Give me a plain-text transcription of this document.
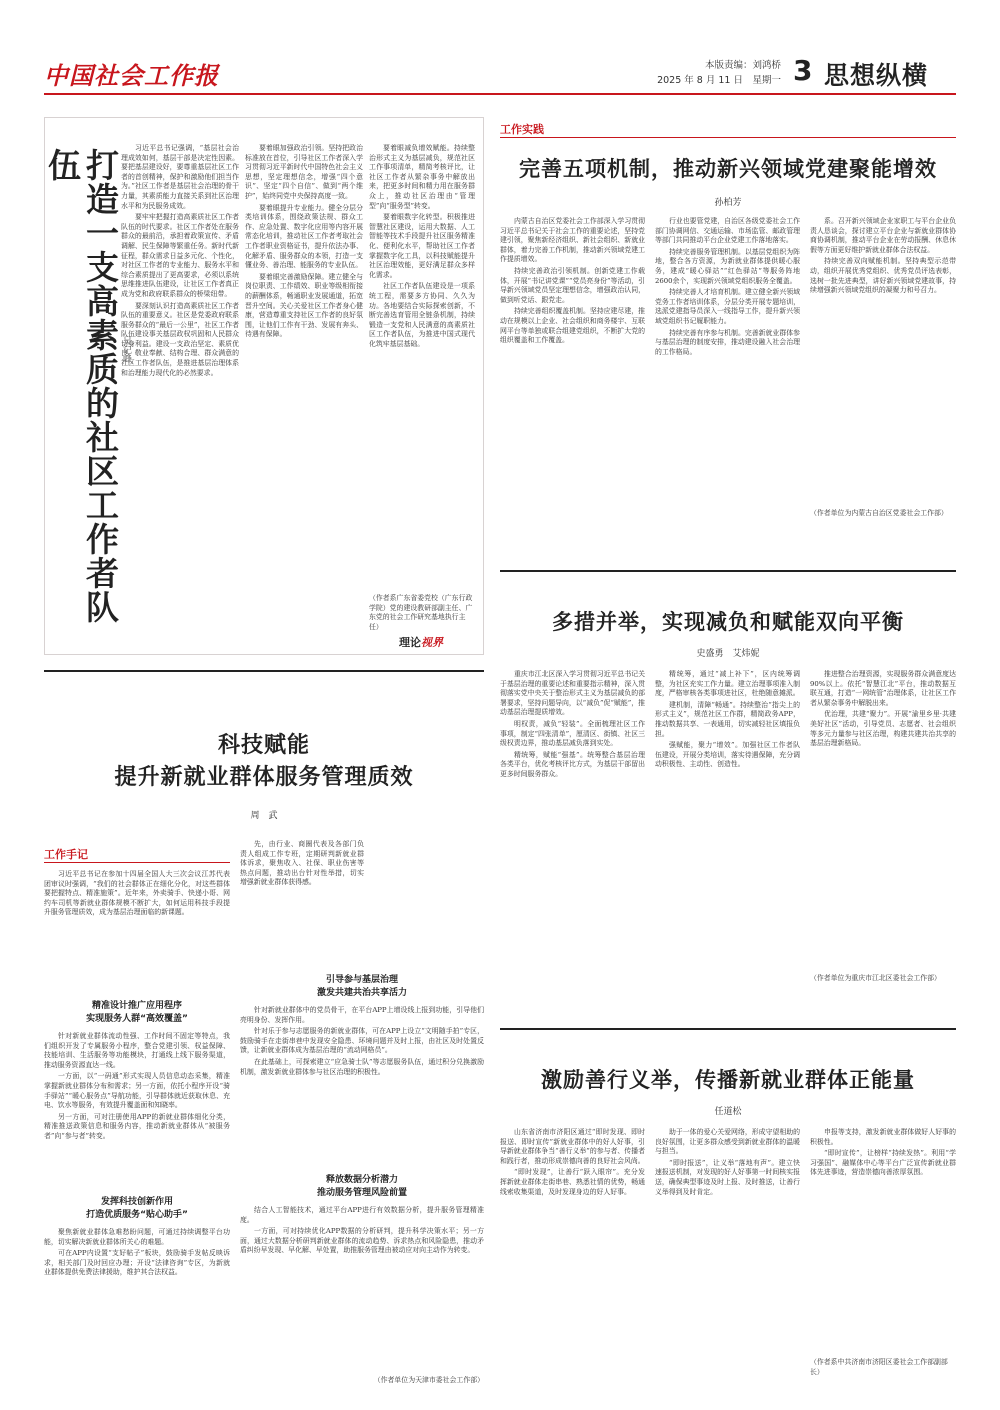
中国社会工作报	本版责编：刘鸿桥
2025 年 8 月 11 日　星期一 3 思想纵横
打造一支高素质的社区工作者队伍
吴记峰

习近平总书记强调，“基层社会治理成效如何，基层干部是决定性因素。要把基层建设好，要尊重基层社区工作者的首创精神，保护和激励他们担当作为。”社区工作者是基层社会治理的骨干力量，其素质能力直接关系到社区治理水平和为民服务成效。

要牢牢把握打造高素质社区工作者队伍的时代要求。社区工作者处在服务群众的最前沿，承担着政策宣传、矛盾调解、民生保障等繁重任务。新时代新征程，群众需求日益多元化、个性化，对社区工作者的专业能力、服务水平和综合素质提出了更高要求，必须以系统思维推进队伍建设，让社区工作者真正成为党和政府联系群众的桥梁纽带。

要深刻认识打造高素质社区工作者队伍的重要意义。社区是党委政府联系服务群众的“最后一公里”，社区工作者队伍建设事关基层政权巩固和人民群众切身利益。建设一支政治坚定、素质优良、敬业奉献、结构合理、群众满意的社区工作者队伍，是推进基层治理体系和治理能力现代化的必然要求。

要着眼加强政治引领。坚持把政治标准放在首位，引导社区工作者深入学习贯彻习近平新时代中国特色社会主义思想，坚定理想信念，增强“四个意识”、坚定“四个自信”、做到“两个维护”，始终同党中央保持高度一致。

要着眼提升专业能力。健全分层分类培训体系，围绕政策法规、群众工作、应急处置、数字化应用等内容开展常态化培训，推动社区工作者考取社会工作者职业资格证书，提升依法办事、化解矛盾、服务群众的本领，打造一支懂业务、善治理、能服务的专业队伍。

要着眼完善激励保障。建立健全与岗位职责、工作绩效、职业等级相衔接的薪酬体系，畅通职业发展通道，拓宽晋升空间。关心关爱社区工作者身心健康，营造尊重支持社区工作者的良好氛围，让他们工作有干劲、发展有奔头、待遇有保障。

要着眼减负增效赋能。持续整治形式主义为基层减负，规范社区工作事项清单，精简考核评比，让社区工作者从繁杂事务中解放出来，把更多时间和精力用在服务群众上，推动社区治理由“管理型”向“服务型”转变。

要着眼数字化转型。积极推进智慧社区建设，运用大数据、人工智能等技术手段提升社区服务精准化、便利化水平，帮助社区工作者掌握数字化工具，以科技赋能提升社区治理效能，更好满足群众多样化需求。

社区工作者队伍建设是一项系统工程，需要多方协同、久久为功。各地要结合实际探索创新，不断完善选育管用全链条机制，持续锻造一支党和人民满意的高素质社区工作者队伍，为推进中国式现代化筑牢基层基础。

（作者系广东省委党校（广东行政学院）党的建设教研部副主任、广东党的社会工作研究基地执行主任）
理论视界
科技赋能
提升新就业群体服务管理质效
周　武
工作手记
习近平总书记在参加十四届全国人大三次会议江苏代表团审议时强调，“我们的社会群体正在细化分化，对这些群体要把握特点、精准施策”。近年来，外卖骑手、快递小哥、网约车司机等新就业群体规模不断扩大，如何运用科技手段提升服务管理质效，成为基层治理面临的新课题。
精准设计推广应用程序
实现服务人群“高效覆盖”

针对新就业群体流动性强、工作时间不固定等特点，我们组织开发了专属服务小程序，整合党建引领、权益保障、技能培训、生活服务等功能模块，打通线上线下服务渠道，推动服务资源直达一线。

一方面，以“一码通”形式实现人员信息动态采集，精准掌握新就业群体分布和需求；另一方面，依托小程序开设“骑手驿站”“暖心服务点”导航功能，引导群体就近获取休息、充电、饮水等服务，有效提升覆盖面和知晓率。

另一方面，可对注册使用APP的新就业群体细化分类，精准推送政策信息和服务内容，推动新就业群体从“被服务者”向“参与者”转变。

发挥科技创新作用
打造优质服务“贴心助手”

聚焦新就业群体急难愁盼问题，可通过持续调整平台功能，切实解决新就业群体所关心的难题。

可在APP内设置“支好帖子”板块，鼓励骑手发帖反映诉求，相关部门及时回应办理；开设“法律咨询”专区，为新就业群体提供免费法律援助，维护其合法权益。

先，由行业、商圈代表及各部门负责人组成工作专班，定期研判新就业群体诉求，聚焦收入、社保、职业伤害等热点问题，推动出台针对性举措，切实增强新就业群体获得感。

引导参与基层治理
激发共建共治共享活力

针对新就业群体中的党员骨干，在平台APP上增设线上报到功能，引导他们亮明身份、发挥作用。

针对乐于参与志愿服务的新就业群体，可在APP上设立“文明随手拍”专区，鼓励骑手在走街串巷中发现安全隐患、环境问题并及时上报，由社区及时处置反馈，让新就业群体成为基层治理的“流动网格员”。

在此基础上，可探索建立“应急骑士队”等志愿服务队伍，通过积分兑换激励机制，激发新就业群体参与社区治理的积极性。

释放数据分析潜力
推动服务管理风险前置

结合人工智能技术，通过平台APP进行有效数据分析，提升服务管理精准度。

一方面，可对持续优化APP数据的分析研判，提升科学决策水平；另一方面，通过大数据分析研判新就业群体的流动趋势、诉求热点和风险隐患，推动矛盾纠纷早发现、早化解、早处置，助推服务管理由被动应对向主动作为转变。

（作者单位为天津市委社会工作部）
工作实践
完善五项机制，推动新兴领域党建聚能增效
孙柏芳

内蒙古自治区党委社会工作部深入学习贯彻习近平总书记关于社会工作的重要论述，坚持党建引领，聚焦新经济组织、新社会组织、新就业群体，着力完善工作机制，推动新兴领域党建工作提质增效。

持续完善政治引领机制。创新党建工作载体，开展“书记讲党课”“党员亮身份”等活动，引导新兴领域党员坚定理想信念，增强政治认同，做到听党话、跟党走。

持续完善组织覆盖机制。坚持应建尽建，推动在规模以上企业、社会组织和商务楼宇、互联网平台等单独或联合组建党组织，不断扩大党的组织覆盖和工作覆盖。

行业也要管党建，自治区各级党委社会工作部门协调网信、交通运输、市场监管、邮政管理等部门共同推动平台企业党建工作落地落实。

持续完善服务管理机制。以基层党组织为阵地，整合各方资源，为新就业群体提供暖心服务，建成“暖心驿站”“红色驿站”等服务阵地2600余个，实现新兴领域党组织服务全覆盖。

持续完善人才培育机制。建立健全新兴领域党务工作者培训体系，分层分类开展专题培训，选派党建指导员深入一线指导工作，提升新兴领域党组织书记履职能力。

持续完善有序参与机制。完善新就业群体参与基层治理的制度安排，推动建设融入社会治理的工作格局。

系。召开新兴领域企业家职工与平台企业负责人恳谈会，探讨建立平台企业与新就业群体协商协调机制，推动平台企业在劳动报酬、休息休假等方面更好维护新就业群体合法权益。

持续完善双向赋能机制。坚持典型示范带动，组织开展优秀党组织、优秀党员评选表彰，选树一批先进典型，讲好新兴领域党建故事，持续增强新兴领域党组织的凝聚力和号召力。

（作者单位为内蒙古自治区党委社会工作部）
多措并举，实现减负和赋能双向平衡
史盛勇　艾炜妮

重庆市江北区深入学习贯彻习近平总书记关于基层治理的重要论述和重要指示精神，深入贯彻落实党中央关于整治形式主义为基层减负的部署要求，坚持问题导向，以“减负”促“赋能”，推动基层治理提质增效。

明权责，减负“轻装”。全面梳理社区工作事项，制定“四张清单”，厘清区、街镇、社区三级权责边界，推动基层减负落到实处。

精统筹，赋能“强基”。统筹整合基层治理各类平台，优化考核评比方式，为基层干部留出更多时间服务群众。

精统筹，通过“减上补下”，区内统筹调整，为社区充实工作力量。建立治理事项准入制度，严格审核各类事项进社区，杜绝随意摊派。

建机制，清障“畅通”。持续整治“指尖上的形式主义”，规范社区工作群，精简政务APP，推动数据共享、一表通用，切实减轻社区填报负担。

强赋能，聚力“增效”。加强社区工作者队伍建设，开展分类培训，落实待遇保障，充分调动积极性、主动性、创造性。

推进整合治理资源，实现服务群众满意度达90%以上。依托“智慧江北”平台，推动数据互联互通，打造“一网统管”治理体系，让社区工作者从繁杂事务中解脱出来。

优治理，共建“聚力”。开展“渝里乡里·共建美好社区”活动，引导党员、志愿者、社会组织等多元力量参与社区治理，构建共建共治共享的基层治理新格局。

（作者单位为重庆市江北区委社会工作部）
激励善行义举，传播新就业群体正能量
任道松

山东省济南市济阳区通过“即时发现、即时报送、即时宣传”新就业群体中的好人好事，引导新就业群体争当“善行义举”的参与者、传播者和践行者，推动形成崇德向善的良好社会风尚。

“即时发现”，让善行“跃入眼帘”。充分发挥新就业群体走街串巷、熟悉社情的优势，畅通线索收集渠道，及时发现身边的好人好事。

助于一体的爱心关爱网络，形成守望相助的良好氛围，让更多群众感受到新就业群体的温暖与担当。

“即时报送”，让义举“落地有声”。建立快速报送机制，对发现的好人好事第一时间核实报送，确保典型事迹及时上报、及时推送，让善行义举得到及时肯定。

申报等支持，激发新就业群体做好人好事的积极性。

“即时宣传”，让榜样“持续发热”。利用“学习强国”、融媒体中心等平台广泛宣传新就业群体先进事迹，营造崇德向善浓厚氛围。

（作者系中共济南市济阳区委社会工作部副部长）
